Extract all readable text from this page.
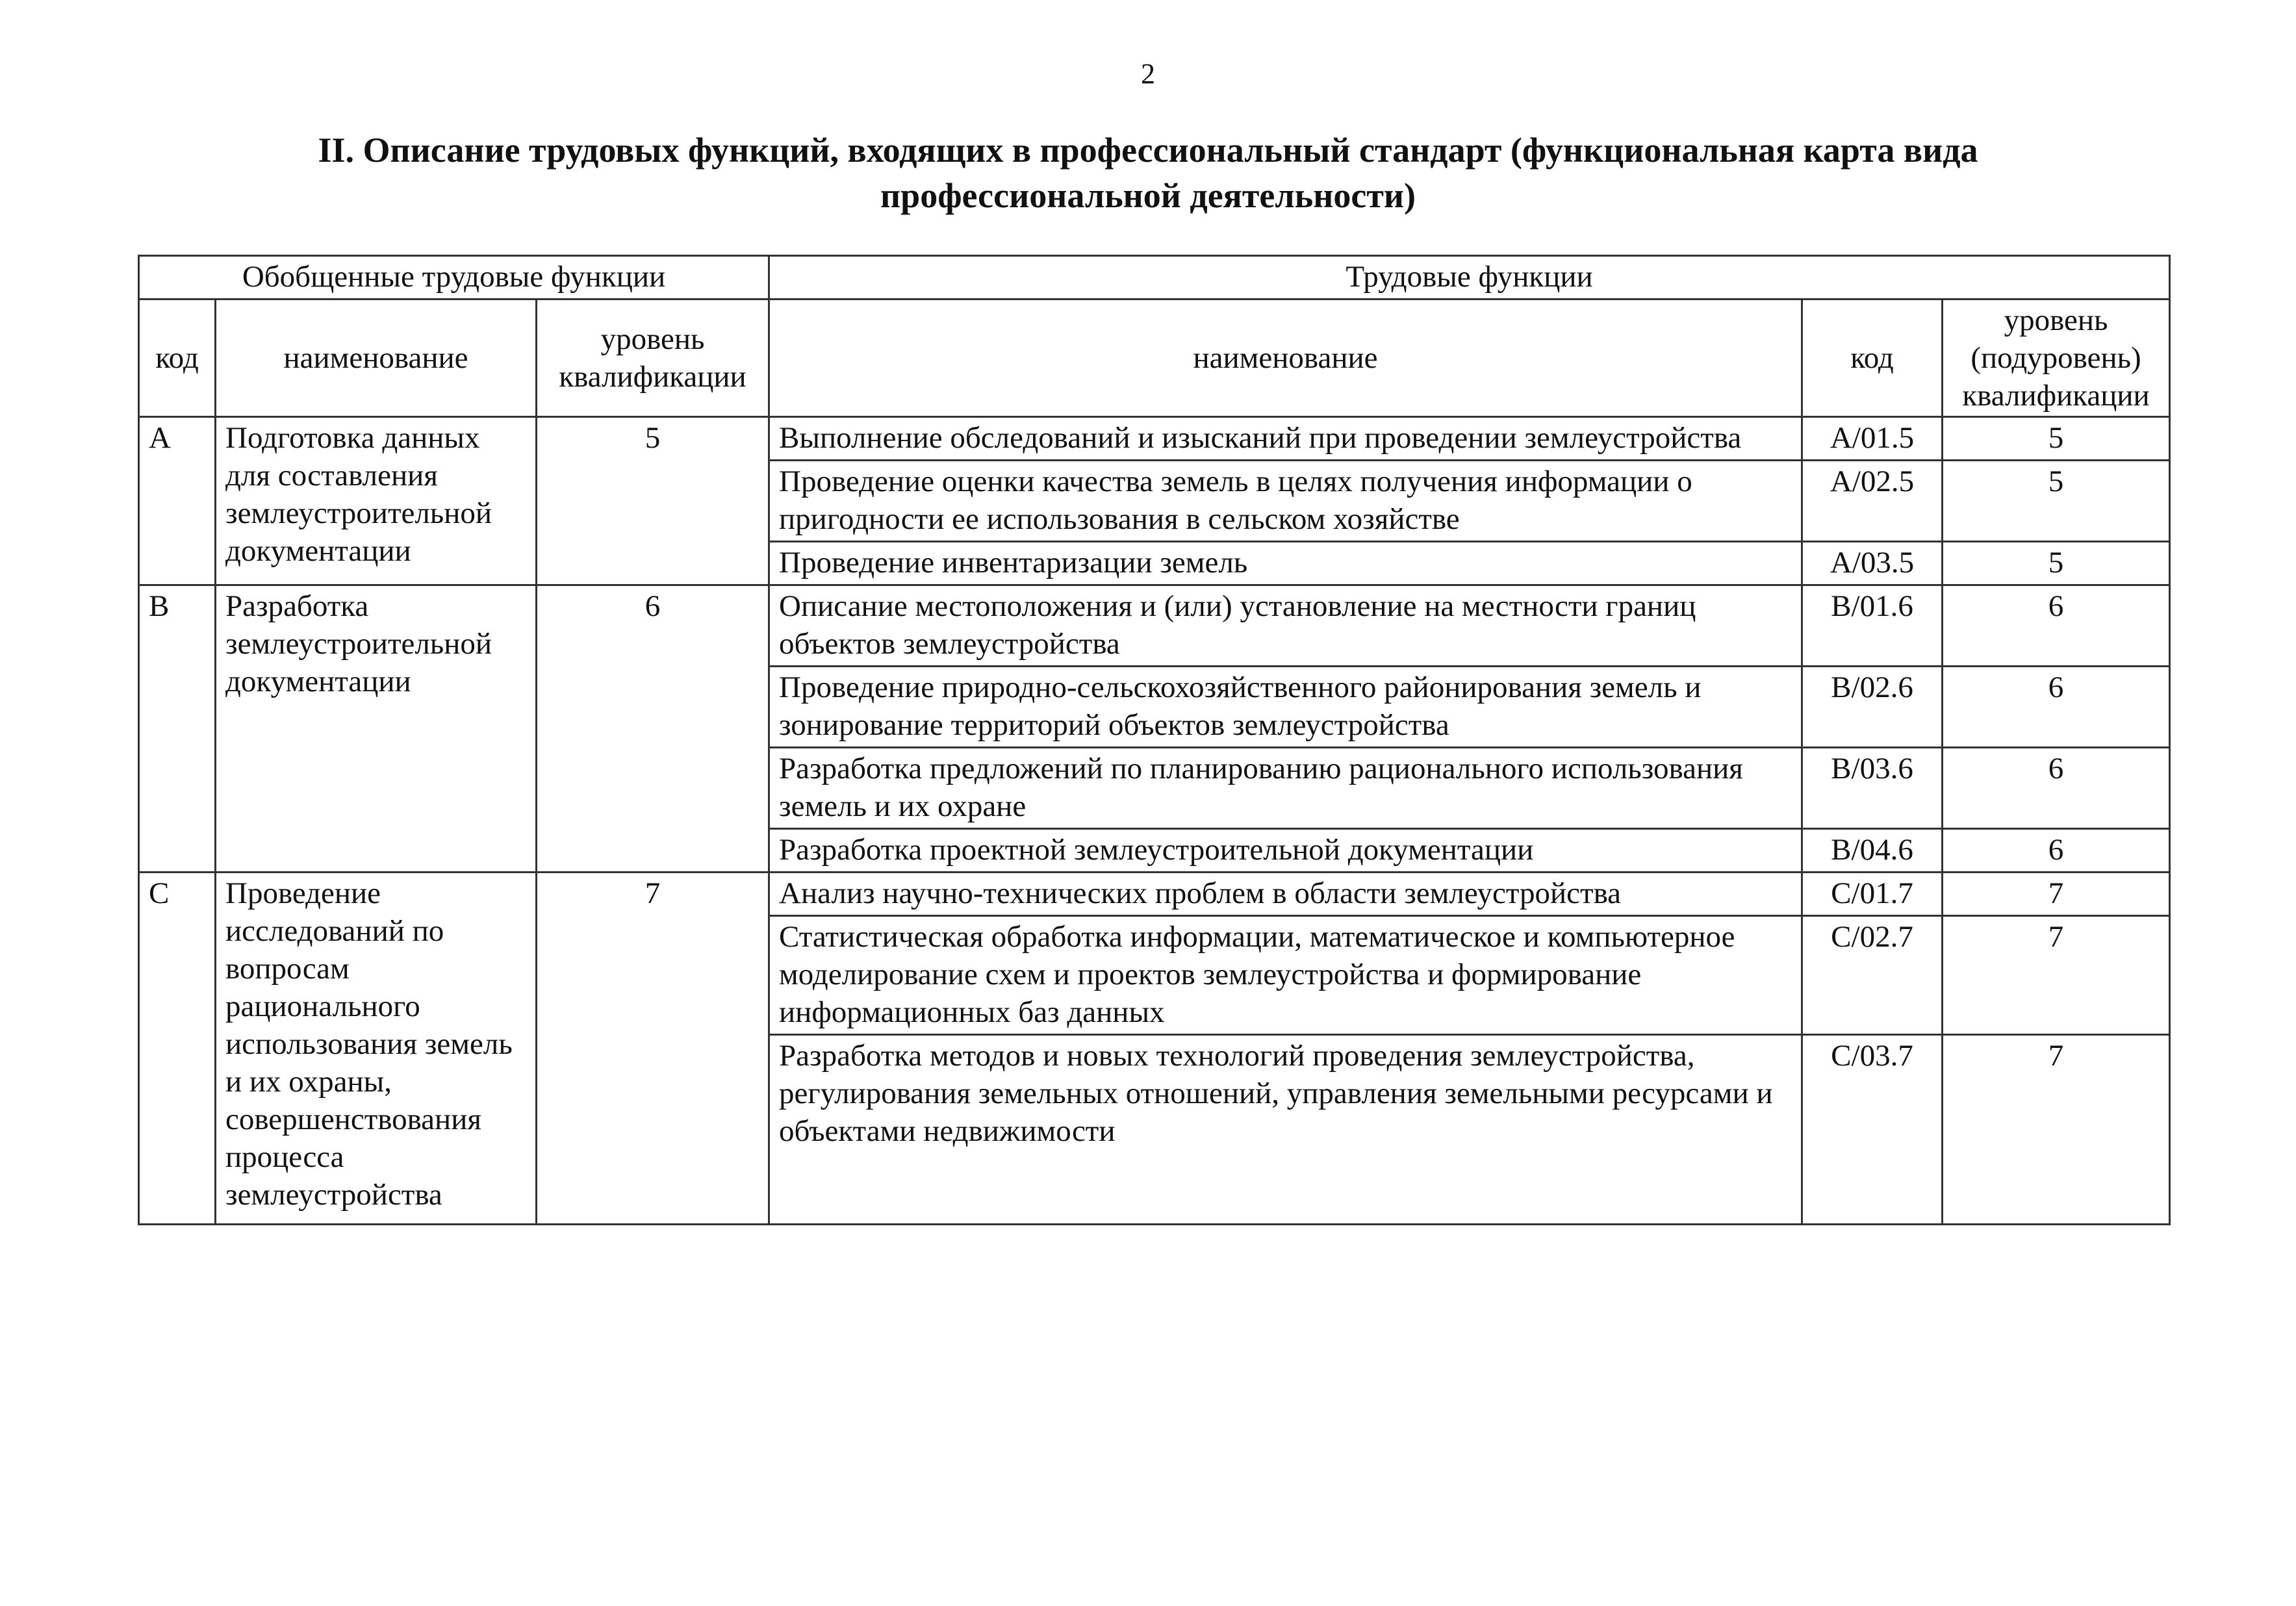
2
II. Описание трудовых функций, входящих в профессиональный стандарт (функциональная карта вида профессиональной деятельности)
Обобщенные трудовые функции			Трудовые функции		
код	наименование	уровень квалификации	наименование	код	уровень (подуровень) квалификации
A	Подготовка данных для составления землеустроительной документации	5	Выполнение обследований и изысканий при проведении землеустройства	A/01.5	5
			Проведение оценки качества земель в целях получения информации о пригодности ее использования в сельском хозяйстве	A/02.5	5
			Проведение инвентаризации земель	A/03.5	5
B	Разработка землеустроительной документации	6	Описание местоположения и (или) установление на местности границ объектов землеустройства	B/01.6	6
			Проведение природно-сельскохозяйственного районирования земель и зонирование территорий объектов землеустройства	B/02.6	6
			Разработка предложений по планированию рационального использования земель и их охране	B/03.6	6
			Разработка проектной землеустроительной документации	B/04.6	6
C	Проведение исследований по вопросам рационального использования земель и их охраны, совершенствования процесса землеустройства	7	Анализ научно-технических проблем в области землеустройства	C/01.7	7
			Статистическая обработка информации, математическое и компьютерное моделирование схем и проектов землеустройства и формирование информационных баз данных	C/02.7	7
			Разработка методов и новых технологий проведения землеустройства, регулирования земельных отношений, управления земельными ресурсами и объектами недвижимости	C/03.7	7
